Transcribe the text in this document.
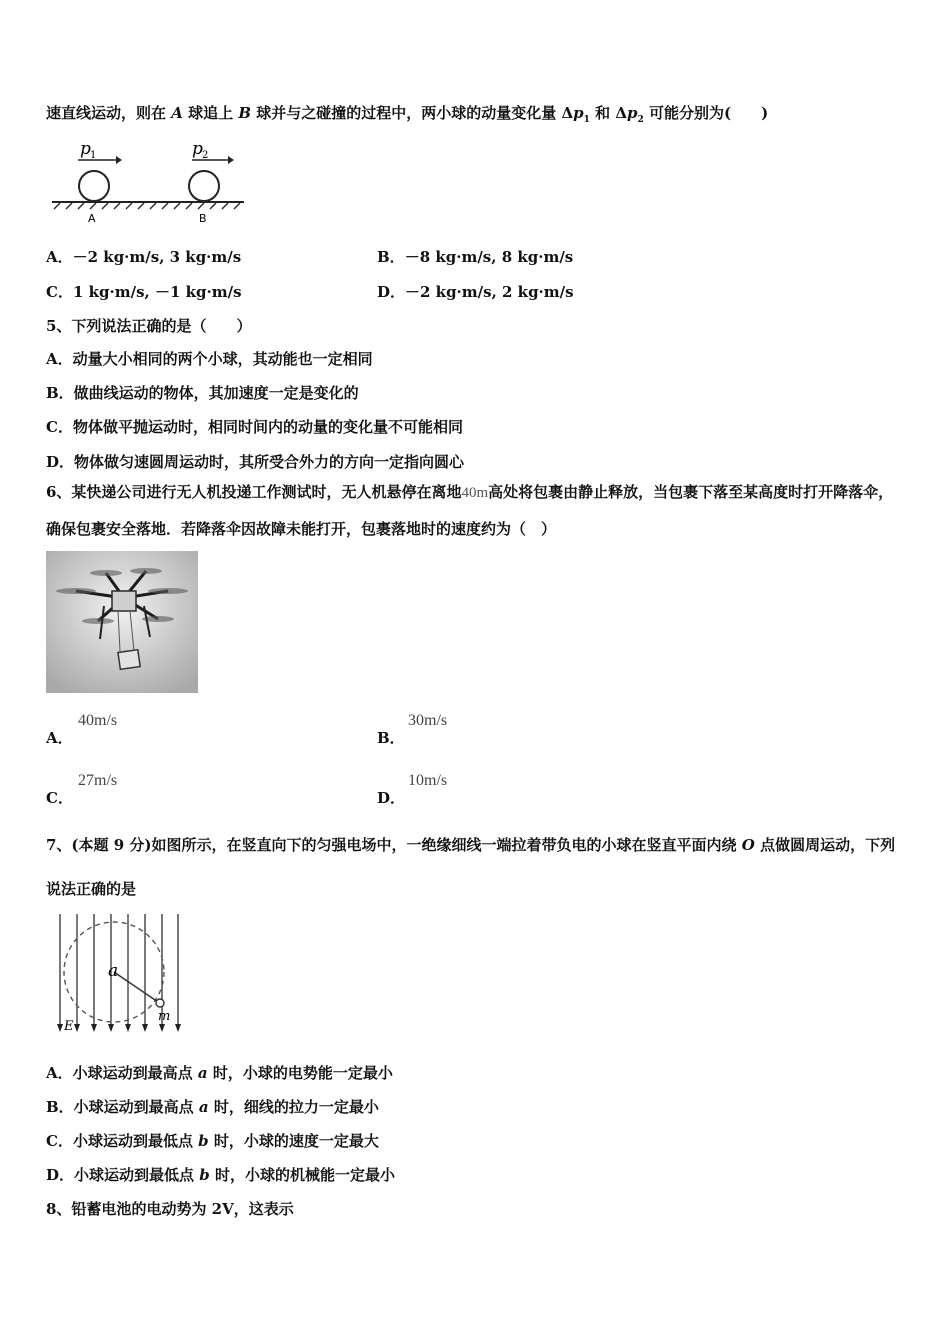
速直线运动，则在 A 球追上 B 球并与之碰撞的过程中，两小球的动量变化量 $\Delta p_1$ 和 $\Delta p_2$ 可能分别为(　　)
p 1	p 2
A	B
A．－2 kg·m/s, 3 kg·m/s	B．－8 kg·m/s, 8 kg·m/s
C．1 kg·m/s, －1 kg·m/s	D．－2 kg·m/s, 2 kg·m/s
5、下列说法正确的是（　　）
A．动量大小相同的两个小球，其动能也一定相同
B．做曲线运动的物体，其加速度一定是变化的
C．物体做平抛运动时，相同时间内的动量的变化量不可能相同
D．物体做匀速圆周运动时，其所受合外力的方向一定指向圆心
6、某快递公司进行无人机投递工作测试时，无人机悬停在离地40m高处将包裹由静止释放，当包裹下落至某高度时打开降落伞，确保包裹安全落地．若降落伞因故障未能打开，包裹落地时的速度约为（　）
A．
40m/s
B．
30m/s
C．
27m/s
D．
10m/s
7、(本题 9 分)如图所示，在竖直向下的匀强电场中，一绝缘细线一端拉着带负电的小球在竖直平面内绕 O 点做圆周运动，下列说法正确的是
a
E
m
A．小球运动到最高点 a 时，小球的电势能一定最小
B．小球运动到最高点 a 时，细线的拉力一定最小
C．小球运动到最低点 b 时，小球的速度一定最大
D．小球运动到最低点 b 时，小球的机械能一定最小
8、铅蓄电池的电动势为 2V，这表示
